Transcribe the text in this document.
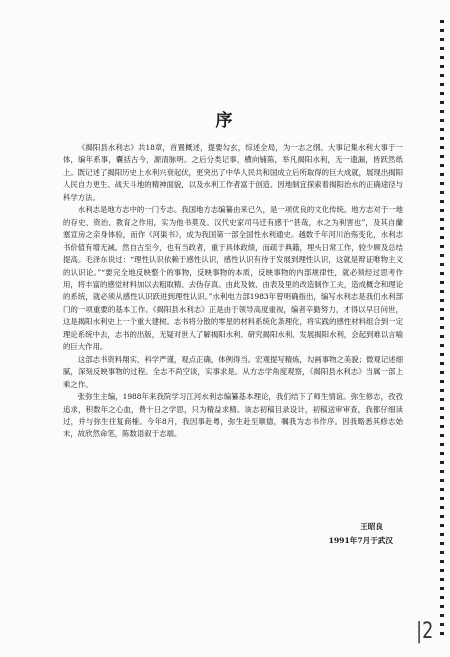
序

《揭阳县水利志》共18章，首置概述，提要勾玄，综述全局，为一志之纲。大事记集水利大事于一体，编年系事，囊括古今，源清脉明。之后分类记事，横向铺陈，举凡揭阳水利，无一遗漏，皆跃然纸上。既记述了揭阳历史上水利兴衰起伏，更突出了中华人民共和国成立后所取得的巨大成就，展现出揭阳人民自力更生、战天斗地的精神面貌，以及水利工作者富于创造、因地制宜探索着揭阳治水的正确途径与科学方法。

水利志是地方志中的一门专志。我国地方志编纂由来已久，是一项优良的文化传统。地方志对于一地的存史、资治、教育之作用，实为他书莫及。汉代史家司马迁有感于“甚哉，水之为利害也”，及其自蘭塞宣房之亲身体验，而作《河渠书》，成为我国第一部全国性水利通史。越数千年河川治殇变化，水利志书价值有增无减。然自古至今，也有当政者，重于具体政绩，而疏于典籍，埋头日常工作，较少顾及总结提高。毛泽东说过：“理性认识依赖于感性认识，感性认识有待于发展到理性认识，这就是辩证唯物主义的认识论。”“要完全地反映整个的事物，反映事物的本质，反映事物的内部规律性，就必须经过思考作用，将丰富的感觉材料加以去粗取精、去伪存真、由此及彼、由表及里的改造制作工夫，造成概念和理论的系统，就必须从感性认识跃进到理性认识。”水利电力部1983年曾明确指出，编写水利志是我们水利部门的一项重要的基本工作。《揭阳县水利志》正是由于领导高度重视，编者辛勤努力，才得以早日问世，这是揭阳水利史上一个重大建树。志书将分散的零星的材料系统化条理化，将实践的感性材料组合到一定理论系统中去，志书的出版，无疑对世人了解揭阳水利、研究揭阳水利、发展揭阳水利，会起到难以言喻的巨大作用。

这部志书资料翔实，科学严谨，观点正确，体例得当。宏观提写精炼，勾画事物之美貌；微观记述细腻，深刻反映事物的过程。全志不尚空谈，实事求是。从方志学角度观察，《揭阳县水利志》当属一部上乘之作。

张弥生主编，1988年来我院学习江河水利志编纂基本理论，我们结下了师生情谊。弥生修志，孜孜追求，积数年之心血，费十日之学思，只为精益求精。该志初稿目录设计，初稿送审审查，我都仔细读过，并与弥生往复商榷。今年8月，我因事赴粤，弥生赴至顺德，嘱我为志书作序。因我略悉其修志始末，故欣然命笔，陈数语叙于志端。

王昭良
1991年7月于武汉
|2
